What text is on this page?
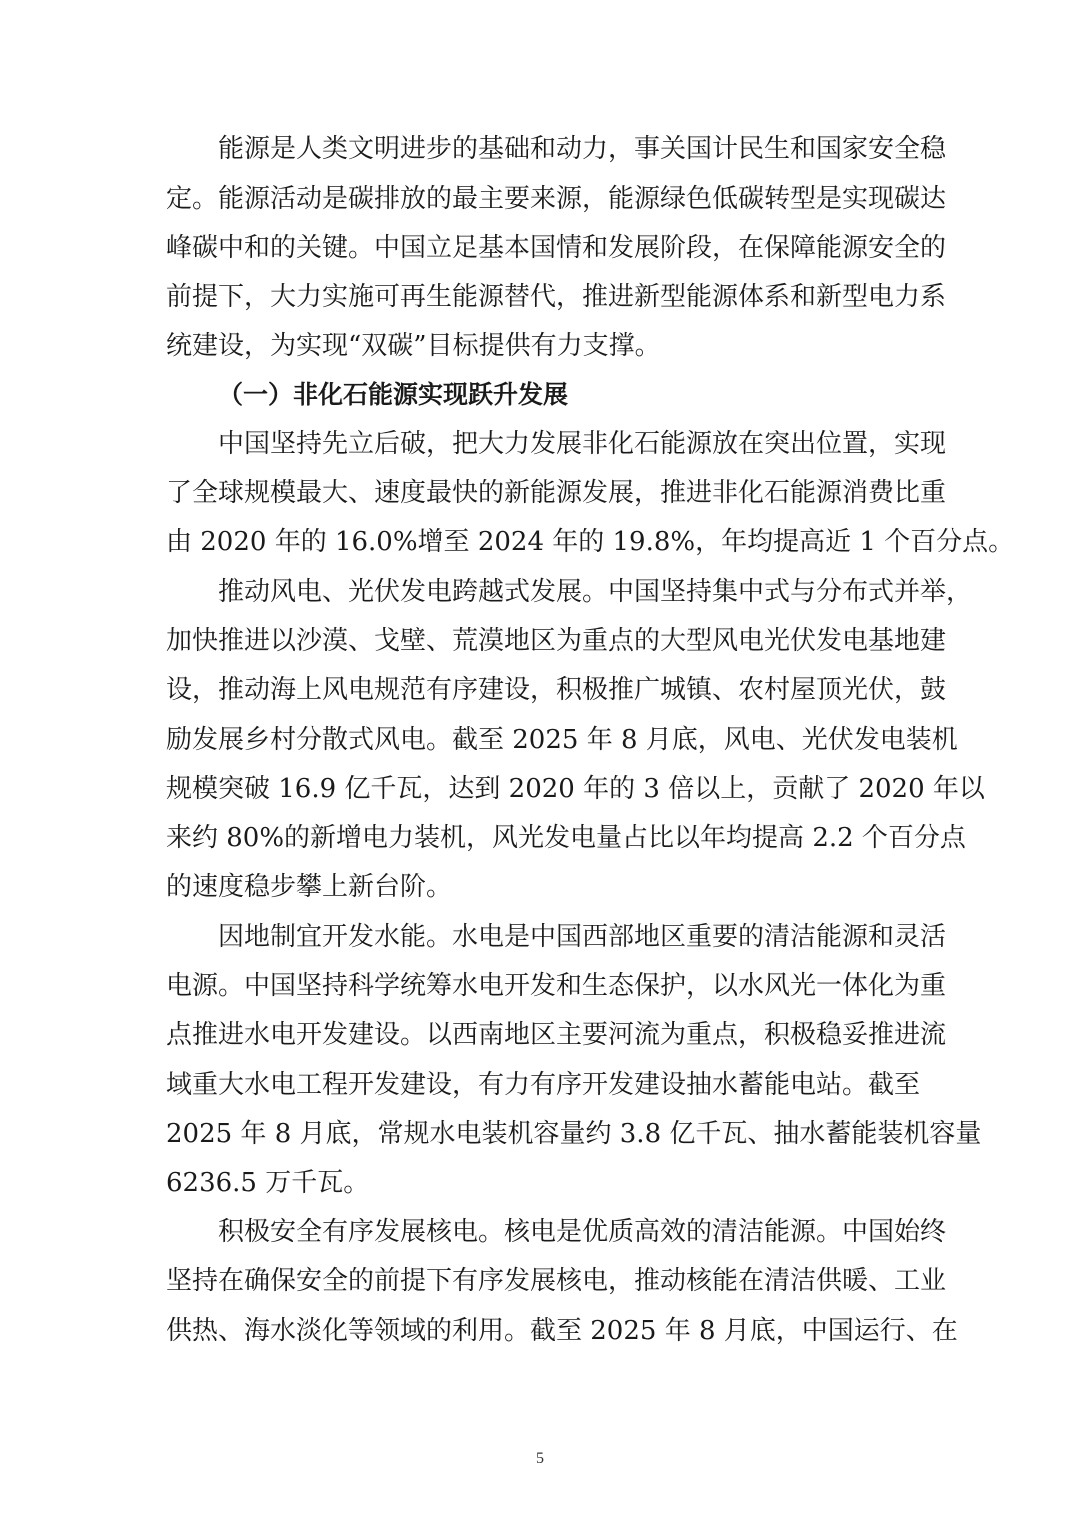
能源是人类文明进步的基础和动力，事关国计民生和国家安全稳
定。能源活动是碳排放的最主要来源，能源绿色低碳转型是实现碳达
峰碳中和的关键。中国立足基本国情和发展阶段，在保障能源安全的
前提下，大力实施可再生能源替代，推进新型能源体系和新型电力系
统建设，为实现“双碳”目标提供有力支撑。
（一）非化石能源实现跃升发展
中国坚持先立后破，把大力发展非化石能源放在突出位置，实现
了全球规模最大、速度最快的新能源发展，推进非化石能源消费比重
由 2020 年的 16.0%增至 2024 年的 19.8%，年均提高近 1 个百分点。
推动风电、光伏发电跨越式发展。中国坚持集中式与分布式并举，
加快推进以沙漠、戈壁、荒漠地区为重点的大型风电光伏发电基地建
设，推动海上风电规范有序建设，积极推广城镇、农村屋顶光伏，鼓
励发展乡村分散式风电。截至 2025 年 8 月底，风电、光伏发电装机
规模突破 16.9 亿千瓦，达到 2020 年的 3 倍以上，贡献了 2020 年以
来约 80%的新增电力装机，风光发电量占比以年均提高 2.2 个百分点
的速度稳步攀上新台阶。
因地制宜开发水能。水电是中国西部地区重要的清洁能源和灵活
电源。中国坚持科学统筹水电开发和生态保护，以水风光一体化为重
点推进水电开发建设。以西南地区主要河流为重点，积极稳妥推进流
域重大水电工程开发建设，有力有序开发建设抽水蓄能电站。截至
2025 年 8 月底，常规水电装机容量约 3.8 亿千瓦、抽水蓄能装机容量
6236.5 万千瓦。
积极安全有序发展核电。核电是优质高效的清洁能源。中国始终
坚持在确保安全的前提下有序发展核电，推动核能在清洁供暖、工业
供热、海水淡化等领域的利用。截至 2025 年 8 月底，中国运行、在
5
